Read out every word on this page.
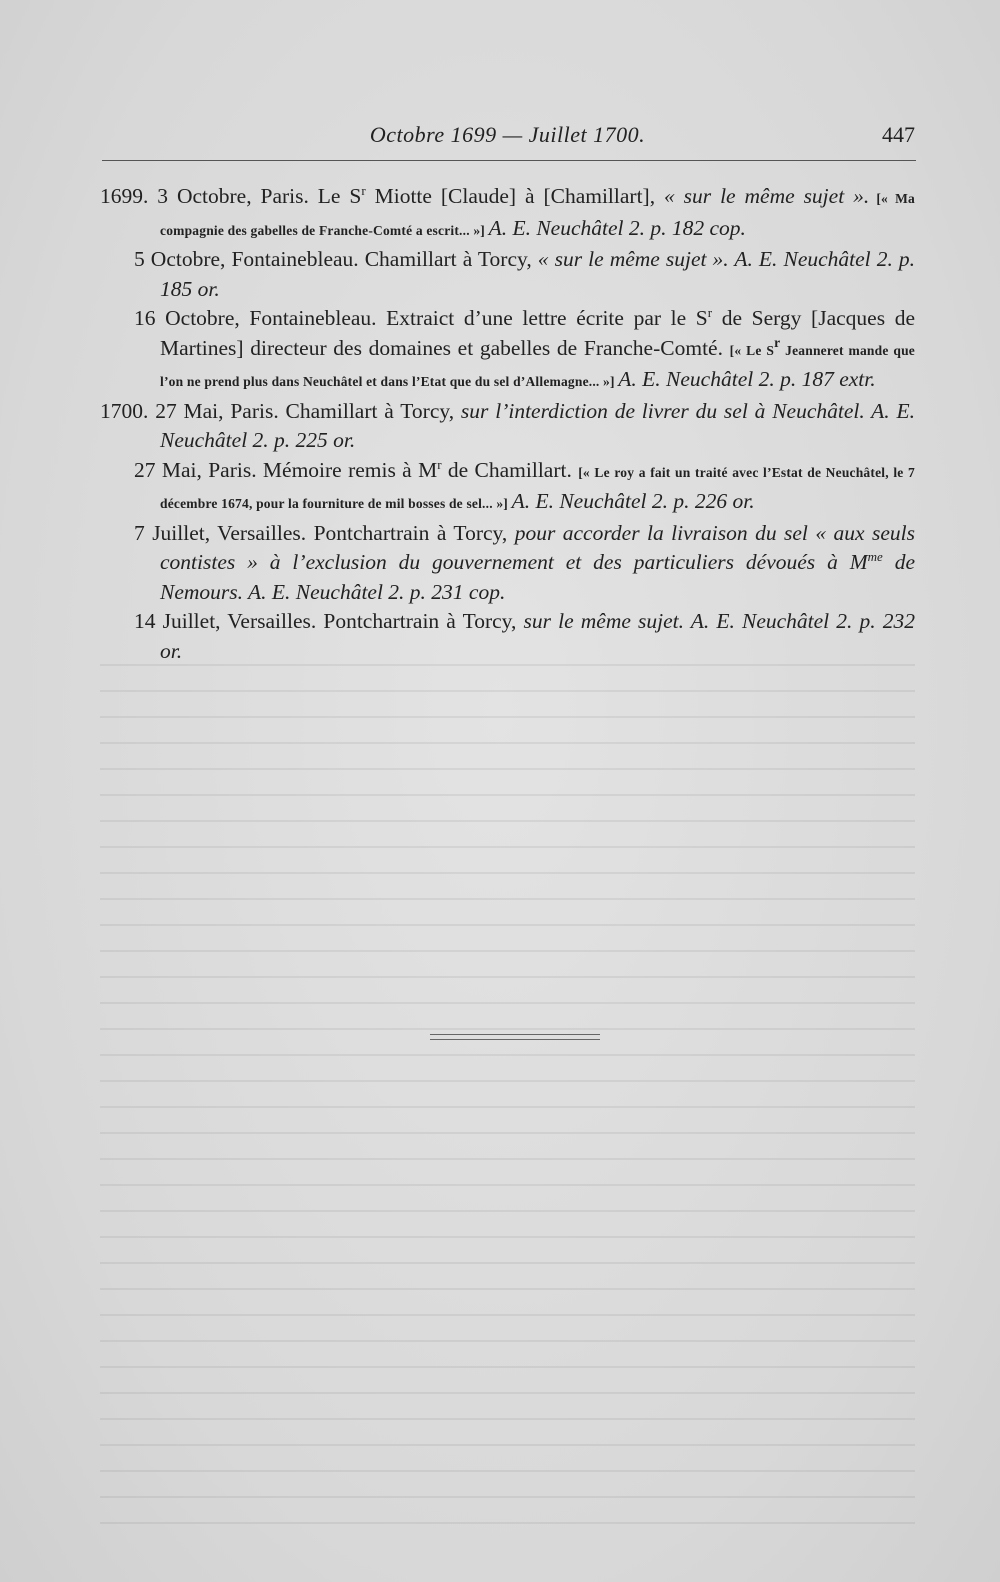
Octobre 1699 — Juillet 1700.	447

1699. 3 Octobre, Paris. Le $S^r$ Miotte [Claude] à [Chamillart], « sur le même sujet ». [« Ma compagnie des gabelles de Franche-Comté a escrit... »] A. E. Neuchâtel 2. p. 182 cop.

5 Octobre, Fontainebleau. Chamillart à Torcy, « sur le même sujet ». A. E. Neuchâtel 2. p. 185 or.

16 Octobre, Fontainebleau. Extraict d’une lettre écrite par le $S^r$ de Sergy [Jacques de Martines] directeur des domaines et gabelles de Franche-Comté. [« Le $S^r$ Jeanneret mande que l’on ne prend plus dans Neuchâtel et dans l’Etat que du sel d’Allemagne... »] A. E. Neuchâtel 2. p. 187 extr.

1700. 27 Mai, Paris. Chamillart à Torcy, sur l’interdiction de livrer du sel à Neuchâtel. A. E. Neuchâtel 2. p. 225 or.

27 Mai, Paris. Mémoire remis à $M^r$ de Chamillart. [« Le roy a fait un traité avec l’Estat de Neuchâtel, le 7 décembre 1674, pour la fourniture de mil bosses de sel... »] A. E. Neuchâtel 2. p. 226 or.

7 Juillet, Versailles. Pontchartrain à Torcy, pour accorder la livraison du sel « aux seuls contistes » à l’exclusion du gouvernement et des particuliers dévoués à $M^{me}$ de Nemours. A. E. Neuchâtel 2. p. 231 cop.

14 Juillet, Versailles. Pontchartrain à Torcy, sur le même sujet. A. E. Neuchâtel 2. p. 232 or.
